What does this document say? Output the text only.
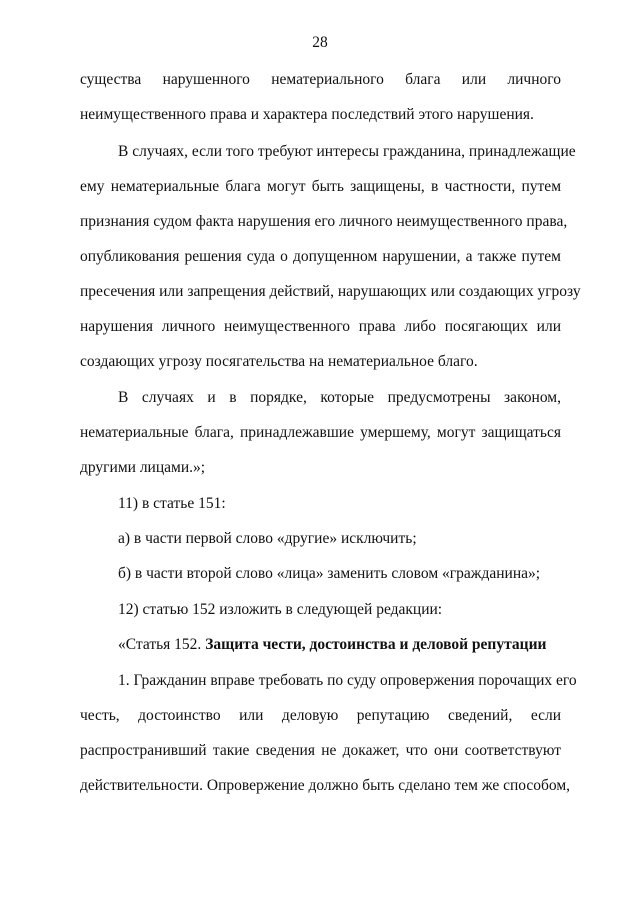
28
существа нарушенного нематериального блага или личного
неимущественного права и характера последствий этого нарушения.
В случаях, если того требуют интересы гражданина, принадлежащие
ему нематериальные блага могут быть защищены, в частности, путем
признания судом факта нарушения его личного неимущественного права,
опубликования решения суда о допущенном нарушении, а также путем
пресечения или запрещения действий, нарушающих или создающих угрозу
нарушения личного неимущественного права либо посягающих или
создающих угрозу посягательства на нематериальное благо.
В случаях и в порядке, которые предусмотрены законом,
нематериальные блага, принадлежавшие умершему, могут защищаться
другими лицами.»;
11) в статье 151:
а) в части первой слово «другие» исключить;
б) в части второй слово «лица» заменить словом «гражданина»;
12) статью 152 изложить в следующей редакции:
«Статья 152. Защита чести, достоинства и деловой репутации
1. Гражданин вправе требовать по суду опровержения порочащих его
честь, достоинство или деловую репутацию сведений, если
распространивший такие сведения не докажет, что они соответствуют
действительности. Опровержение должно быть сделано тем же способом,
